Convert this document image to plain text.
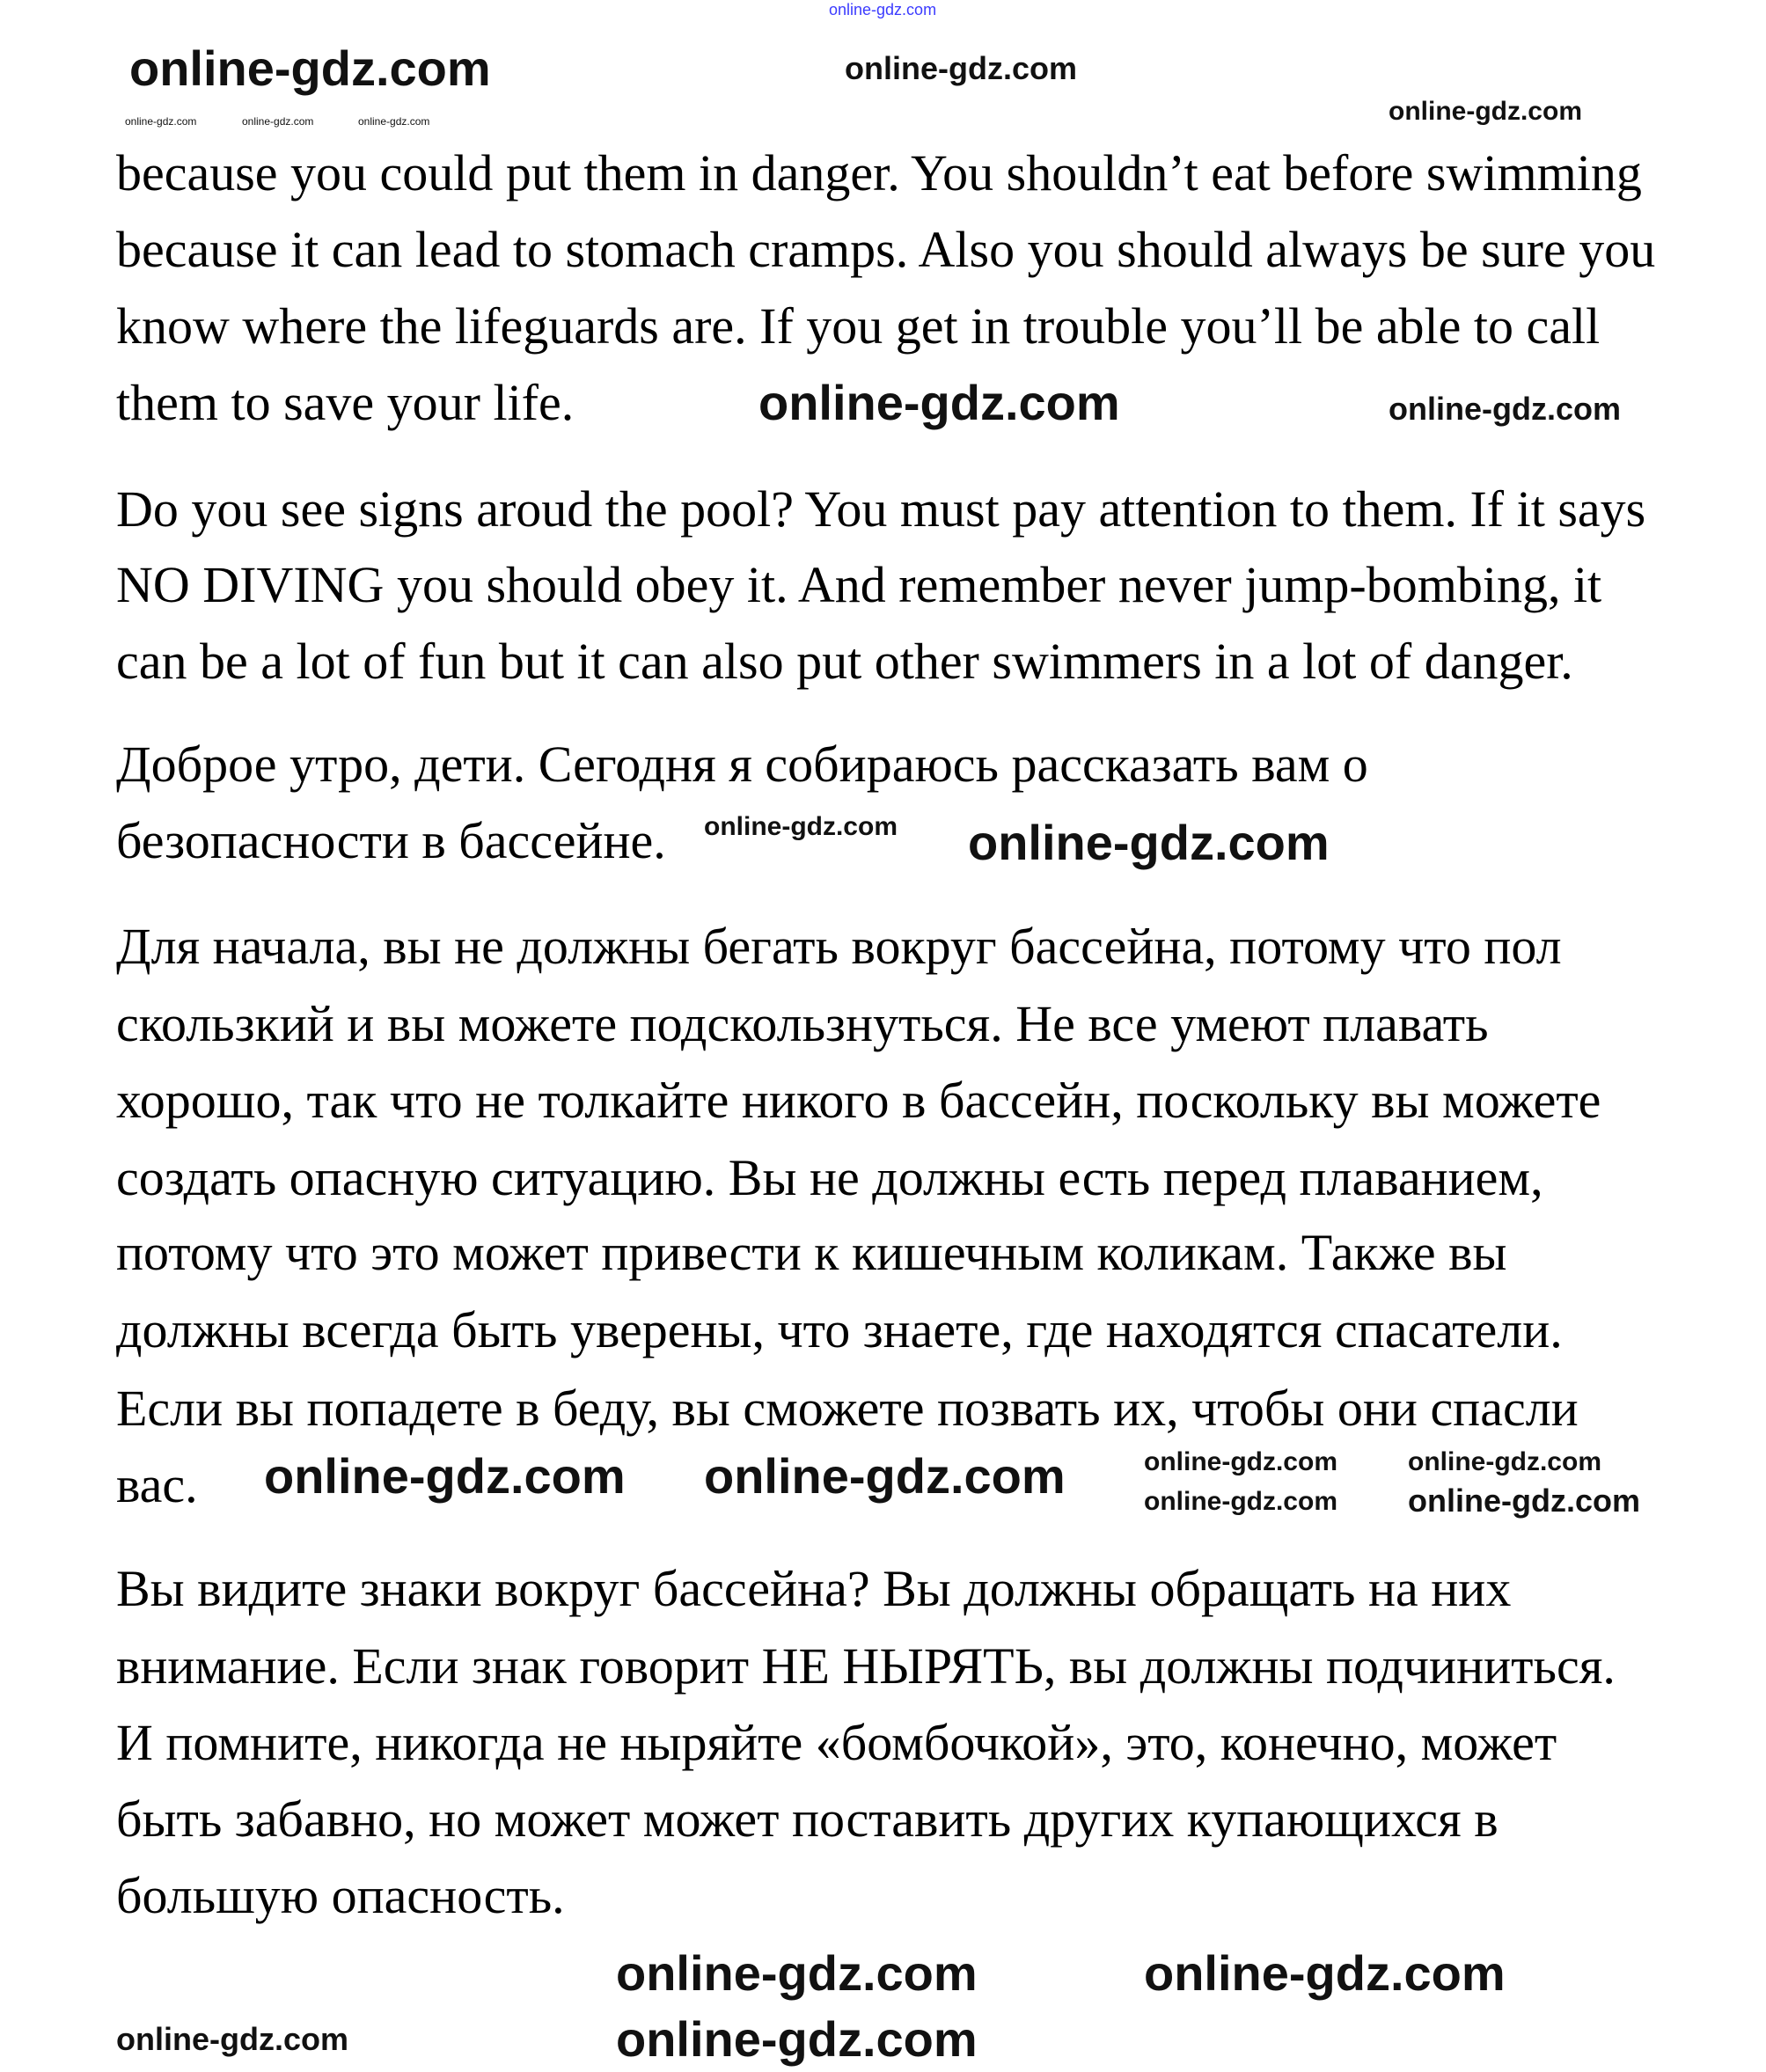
online-gdz.com
because you could put them in danger. You shouldn’t eat before swimming
because it can lead to stomach cramps. Also you should always be sure you
know where the lifeguards are. If you get in trouble you’ll be able to call
them to save your life.
Do you see signs aroud the pool? You must pay attention to them. If it says
NO DIVING you should obey it. And remember never jump-bombing, it
can be a lot of fun but it can also put other swimmers in a lot of danger.
Доброе утро, дети. Сегодня я собираюсь рассказать вам о
безопасности в бассейне.
Для начала, вы не должны бегать вокруг бассейна, потому что пол
скользкий и вы можете подскользнуться. Не все умеют плавать
хорошо, так что не толкайте никого в бассейн, поскольку вы можете
создать опасную ситуацию. Вы не должны есть перед плаванием,
потому что это может привести к кишечным коликам. Также вы
должны всегда быть уверены, что знаете, где находятся спасатели.
Если вы попадете в беду, вы сможете позвать их, чтобы они спасли
вас.
Вы видите знаки вокруг бассейна? Вы должны обращать на них
внимание. Если знак говорит НЕ НЫРЯТЬ, вы должны подчиниться.
И помните, никогда не ныряйте «бомбочкой», это, конечно, может
быть забавно, но может может поставить других купающихся в
большую опасность.
online-gdz.com	online-gdz.com	online-gdz.com	online-gdz.com
online-gdz.com	online-gdz.com
online-gdz.com
online-gdz.com
online-gdz.com online-gdz.com
online-gdz.com
online-gdz.com
online-gdz.com
online-gdz.com
online-gdz.com	online-gdz.com
online-gdz.com
online-gdz.com
online-gdz.com	online-gdz.com
